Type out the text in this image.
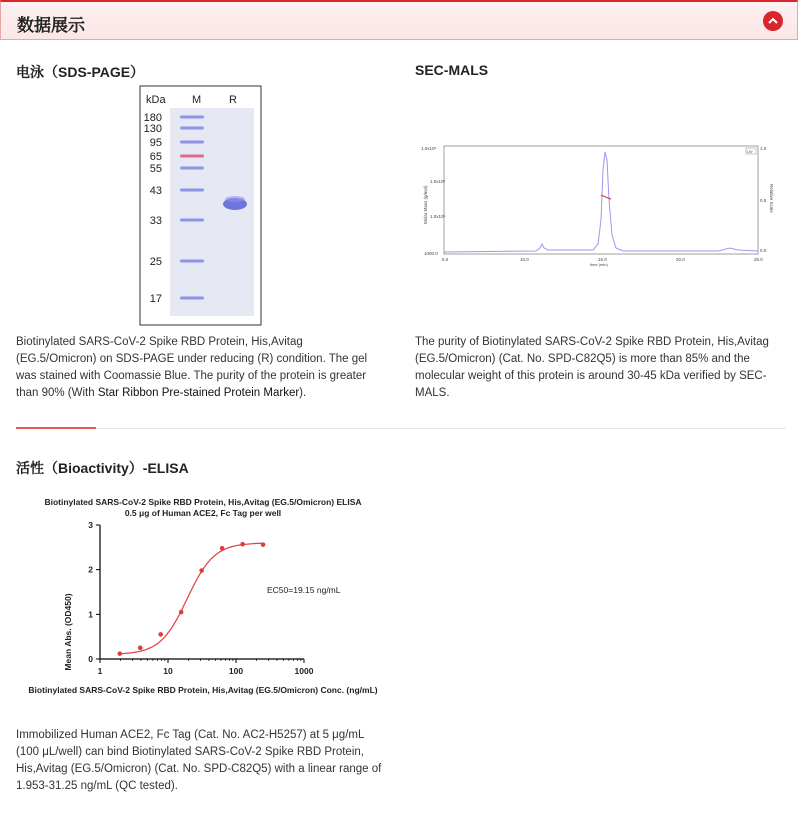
数据展示
电泳（SDS-PAGE）
kDa M	R
180
130
95
65
55
43
33
25
17
Biotinylated SARS-CoV-2 Spike RBD Protein, His,Avitag (EG.5/Omicron) on SDS-PAGE under reducing (R) condition. The gel was stained with Coomassie Blue. The purity of the protein is greater than 90% (With Star Ribbon Pre-stained Protein Marker).
SEC-MALS
Molar Mass (g/mol)	Relative Scale
1.0x10⁶
1.0x10⁵
1.0x10⁴
1000.0
1.0
0.5
0.0
5.0	10.0	15.0	20.0	25.0
time (min)
UV
The purity of Biotinylated SARS-CoV-2 Spike RBD Protein, His,Avitag (EG.5/Omicron) (Cat. No. SPD-C82Q5) is more than 85% and the molecular weight of this protein is around 30-45 kDa verified by SEC-MALS.
活性（Bioactivity）-ELISA
Biotinylated SARS-CoV-2 Spike RBD Protein, His,Avitag (EG.5/Omicron) ELISA
0.5 μg of Human ACE2, Fc Tag per well
Mean Abs. (OD450)
Biotinylated SARS-CoV-2 Spike RBD Protein, His,Avitag (EG.5/Omicron) Conc. (ng/mL)
EC50=19.15 ng/mL
0
1
2
3
1	10	100	1000
Immobilized Human ACE2, Fc Tag (Cat. No. AC2-H5257) at 5 μg/mL (100 μL/well) can bind Biotinylated SARS-CoV-2 Spike RBD Protein, His,Avitag (EG.5/Omicron) (Cat. No. SPD-C82Q5) with a linear range of 1.953-31.25 ng/mL (QC tested).
